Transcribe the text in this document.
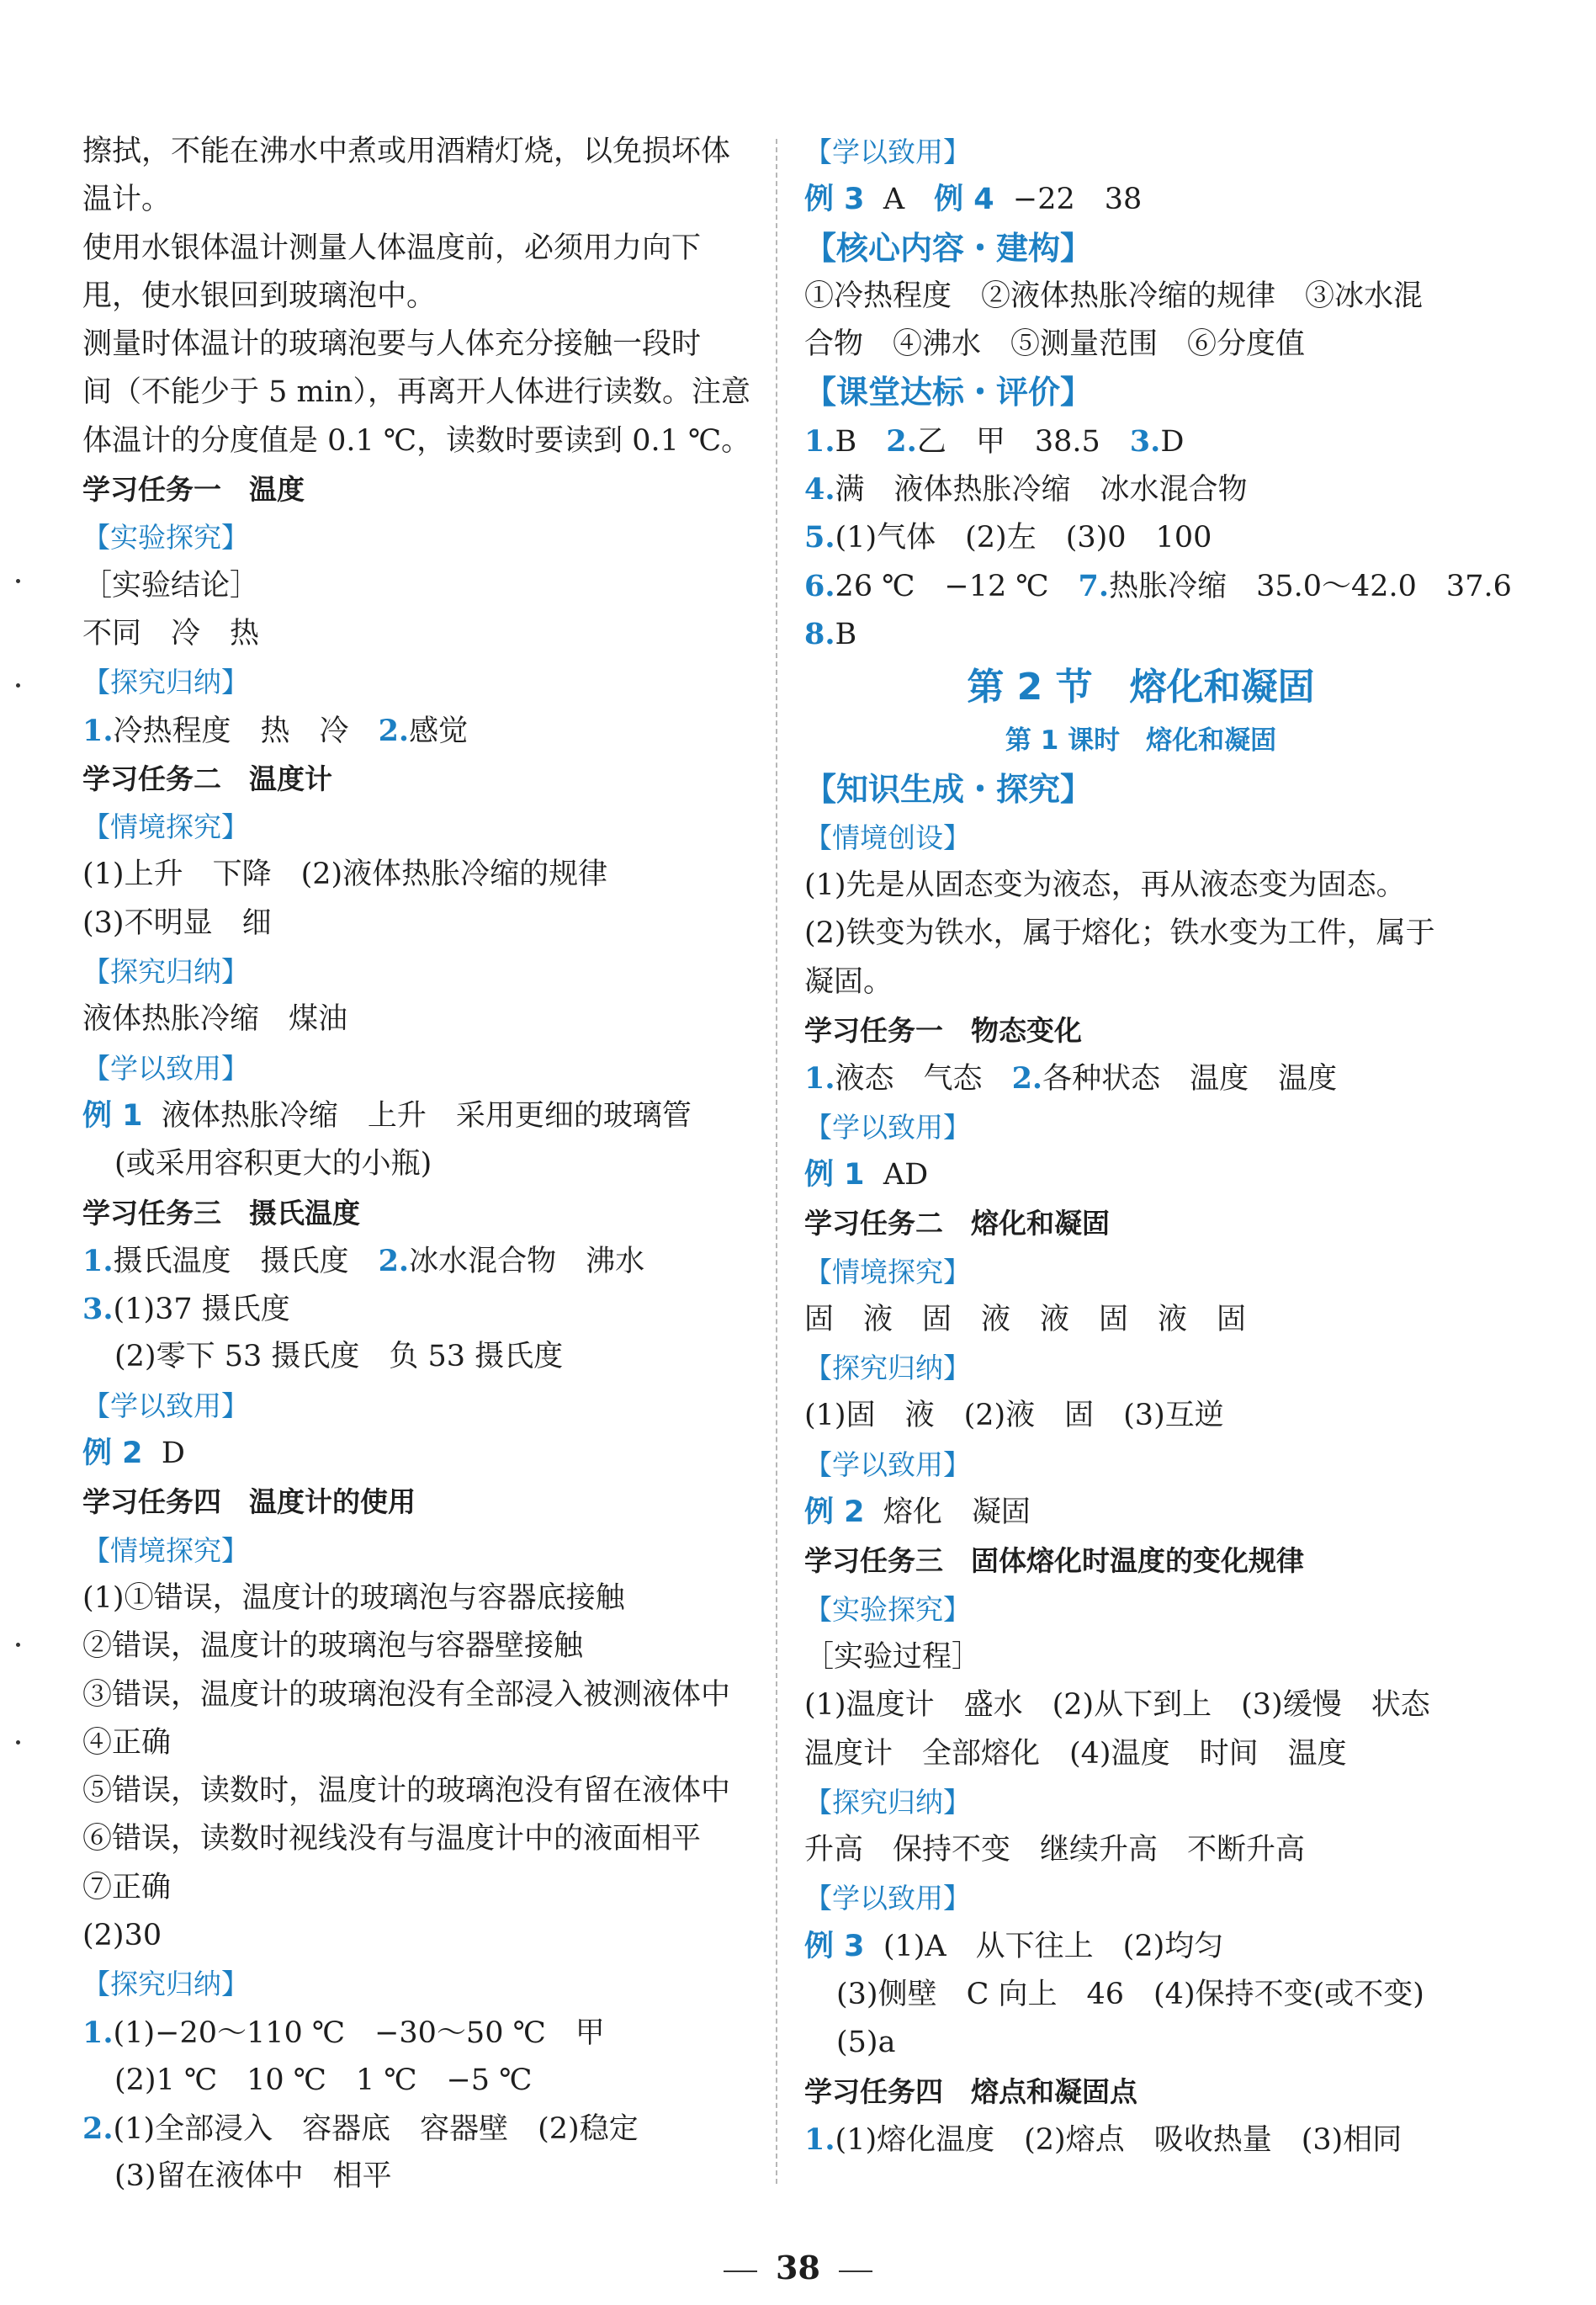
擦拭，不能在沸水中煮或用酒精灯烧，以免损坏体
温计。
使用水银体温计测量人体温度前，必须用力向下
甩，使水银回到玻璃泡中。
测量时体温计的玻璃泡要与人体充分接触一段时
间（不能少于 5 min），再离开人体进行读数。注意
体温计的分度值是 0.1 ℃，读数时要读到 0.1 ℃。
学习任务一　温度
【实验探究】
［实验结论］
不同　冷　热
【探究归纳】
1.冷热程度　热　冷　2.感觉
学习任务二　温度计
【情境探究】
(1)上升　下降　(2)液体热胀冷缩的规律
(3)不明显　细
【探究归纳】
液体热胀冷缩　煤油
【学以致用】
例 1 液体热胀冷缩　上升　采用更细的玻璃管
(或采用容积更大的小瓶)
学习任务三　摄氏温度
1.摄氏温度　摄氏度　2.冰水混合物　沸水
3.(1)37 摄氏度
(2)零下 53 摄氏度　负 53 摄氏度
【学以致用】
例 2 D
学习任务四　温度计的使用
【情境探究】
(1)①错误，温度计的玻璃泡与容器底接触
②错误，温度计的玻璃泡与容器壁接触
③错误，温度计的玻璃泡没有全部浸入被测液体中
④正确
⑤错误，读数时，温度计的玻璃泡没有留在液体中
⑥错误，读数时视线没有与温度计中的液面相平
⑦正确
(2)30
【探究归纳】
1.(1)−20～110 ℃　−30～50 ℃　甲
(2)1 ℃　10 ℃　1 ℃　−5 ℃
2.(1)全部浸入　容器底　容器壁　(2)稳定
(3)留在液体中　相平
【学以致用】
例 3 A　例 4 −22　38
【核心内容・建构】
①冷热程度　②液体热胀冷缩的规律　③冰水混
合物　④沸水　⑤测量范围　⑥分度值
【课堂达标・评价】
1.B　2.乙　甲　38.5　3.D
4.满　液体热胀冷缩　冰水混合物
5.(1)气体　(2)左　(3)0　100
6.26 ℃　−12 ℃　7.热胀冷缩　35.0～42.0　37.6
8.B
第 2 节　熔化和凝固
第 1 课时　熔化和凝固
【知识生成・探究】
【情境创设】
(1)先是从固态变为液态，再从液态变为固态。
(2)铁变为铁水，属于熔化；铁水变为工件，属于
凝固。
学习任务一　物态变化
1.液态　气态　2.各种状态　温度　温度
【学以致用】
例 1 AD
学习任务二　熔化和凝固
【情境探究】
固　液　固　液　液　固　液　固
【探究归纳】
(1)固　液　(2)液　固　(3)互逆
【学以致用】
例 2 熔化　凝固
学习任务三　固体熔化时温度的变化规律
【实验探究】
［实验过程］
(1)温度计　盛水　(2)从下到上　(3)缓慢　状态
温度计　全部熔化　(4)温度　时间　温度
【探究归纳】
升高　保持不变　继续升高　不断升高
【学以致用】
例 3 (1)A　从下往上　(2)均匀
(3)侧壁　C 向上　46　(4)保持不变(或不变)
(5)a
学习任务四　熔点和凝固点
1.(1)熔化温度　(2)熔点　吸收热量　(3)相同
38
